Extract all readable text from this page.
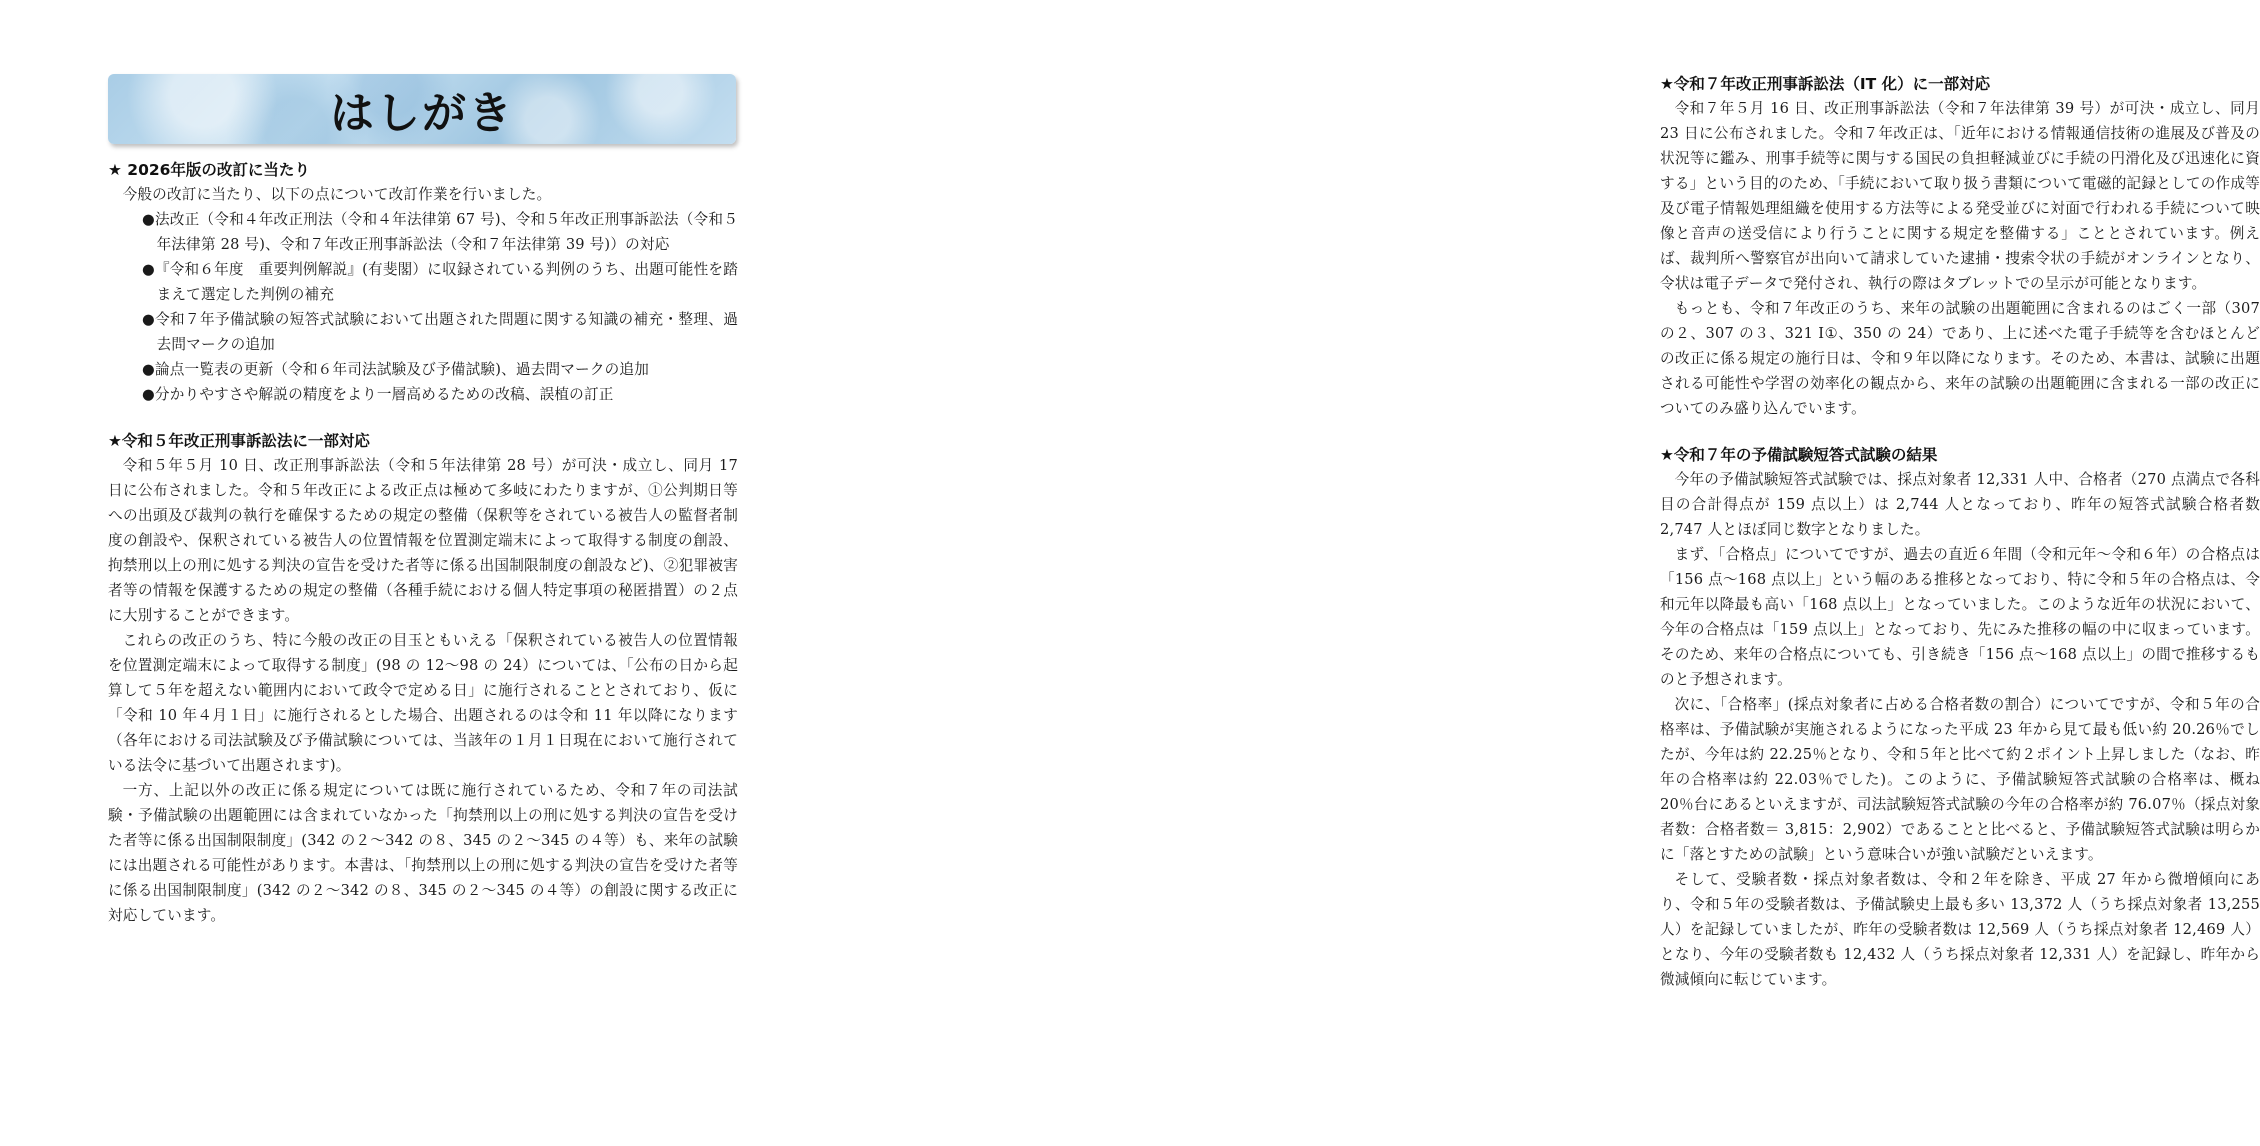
はしがき
★ 2026年版の改訂に当たり

今般の改訂に当たり、以下の点について改訂作業を行いました。

●法改正（令和４年改正刑法（令和４年法律第 67 号)、令和５年改正刑事訴訟法（令和５年法律第 28 号)、令和７年改正刑事訴訟法（令和７年法律第 39 号)）の対応
●『令和６年度　重要判例解説』(有斐閣）に収録されている判例のうち、出題可能性を踏まえて選定した判例の補充
●令和７年予備試験の短答式試験において出題された問題に関する知識の補充・整理、過去問マークの追加
●論点一覧表の更新（令和６年司法試験及び予備試験)、過去問マークの追加
●分かりやすさや解説の精度をより一層高めるための改稿、誤植の訂正
★令和５年改正刑事訴訟法に一部対応

令和５年５月 10 日、改正刑事訴訟法（令和５年法律第 28 号）が可決・成立し、同月 17 日に公布されました。令和５年改正による改正点は極めて多岐にわたりますが、①公判期日等への出頭及び裁判の執行を確保するための規定の整備（保釈等をされている被告人の監督者制度の創設や、保釈されている被告人の位置情報を位置測定端末によって取得する制度の創設、拘禁刑以上の刑に処する判決の宣告を受けた者等に係る出国制限制度の創設など)、②犯罪被害者等の情報を保護するための規定の整備（各種手続における個人特定事項の秘匿措置）の２点に大別することができます。

これらの改正のうち、特に今般の改正の目玉ともいえる「保釈されている被告人の位置情報を位置測定端末によって取得する制度」(98 の 12〜98 の 24）については、「公布の日から起算して５年を超えない範囲内において政令で定める日」に施行されることとされており、仮に「令和 10 年４月１日」に施行されるとした場合、出題されるのは令和 11 年以降になります（各年における司法試験及び予備試験については、当該年の１月１日現在において施行されている法令に基づいて出題されます)。

一方、上記以外の改正に係る規定については既に施行されているため、令和７年の司法試験・予備試験の出題範囲には含まれていなかった「拘禁刑以上の刑に処する判決の宣告を受けた者等に係る出国制限制度」(342 の２〜342 の８、345 の２〜345 の４等）も、来年の試験には出題される可能性があります。本書は、「拘禁刑以上の刑に処する判決の宣告を受けた者等に係る出国制限制度」(342 の２〜342 の８、345 の２〜345 の４等）の創設に関する改正に対応しています。

★令和７年改正刑事訴訟法（IT 化）に一部対応

令和７年５月 16 日、改正刑事訴訟法（令和７年法律第 39 号）が可決・成立し、同月 23 日に公布されました。令和７年改正は、「近年における情報通信技術の進展及び普及の状況等に鑑み、刑事手続等に関与する国民の負担軽減並びに手続の円滑化及び迅速化に資する」という目的のため、「手続において取り扱う書類について電磁的記録としての作成等及び電子情報処理組織を使用する方法等による発受並びに対面で行われる手続について映像と音声の送受信により行うことに関する規定を整備する」こととされています。例えば、裁判所へ警察官が出向いて請求していた逮捕・捜索令状の手続がオンラインとなり、令状は電子データで発付され、執行の際はタブレットでの呈示が可能となります。

もっとも、令和７年改正のうち、来年の試験の出題範囲に含まれるのはごく一部（307 の２、307 の３、321 Ⅰ①、350 の 24）であり、上に述べた電子手続等を含むほとんどの改正に係る規定の施行日は、令和９年以降になります。そのため、本書は、試験に出題される可能性や学習の効率化の観点から、来年の試験の出題範囲に含まれる一部の改正についてのみ盛り込んでいます。

★令和７年の予備試験短答式試験の結果

今年の予備試験短答式試験では、採点対象者 12,331 人中、合格者（270 点満点で各科目の合計得点が 159 点以上）は 2,744 人となっており、昨年の短答式試験合格者数 2,747 人とほぼ同じ数字となりました。

まず、「合格点」についてですが、過去の直近６年間（令和元年〜令和６年）の合格点は「156 点〜168 点以上」という幅のある推移となっており、特に令和５年の合格点は、令和元年以降最も高い「168 点以上」となっていました。このような近年の状況において、今年の合格点は「159 点以上」となっており、先にみた推移の幅の中に収まっています。そのため、来年の合格点についても、引き続き「156 点〜168 点以上」の間で推移するものと予想されます。

次に、「合格率」(採点対象者に占める合格者数の割合）についてですが、令和５年の合格率は、予備試験が実施されるようになった平成 23 年から見て最も低い約 20.26％でしたが、今年は約 22.25％となり、令和５年と比べて約２ポイント上昇しました（なお、昨年の合格率は約 22.03％でした)。このように、予備試験短答式試験の合格率は、概ね 20％台にあるといえますが、司法試験短答式試験の今年の合格率が約 76.07％（採点対象者数：合格者数＝ 3,815：2,902）であることと比べると、予備試験短答式試験は明らかに「落とすための試験」という意味合いが強い試験だといえます。

そして、受験者数・採点対象者数は、令和２年を除き、平成 27 年から微増傾向にあり、令和５年の受験者数は、予備試験史上最も多い 13,372 人（うち採点対象者 13,255 人）を記録していましたが、昨年の受験者数は 12,569 人（うち採点対象者 12,469 人）となり、今年の受験者数も 12,432 人（うち採点対象者 12,331 人）を記録し、昨年から微減傾向に転じています。
